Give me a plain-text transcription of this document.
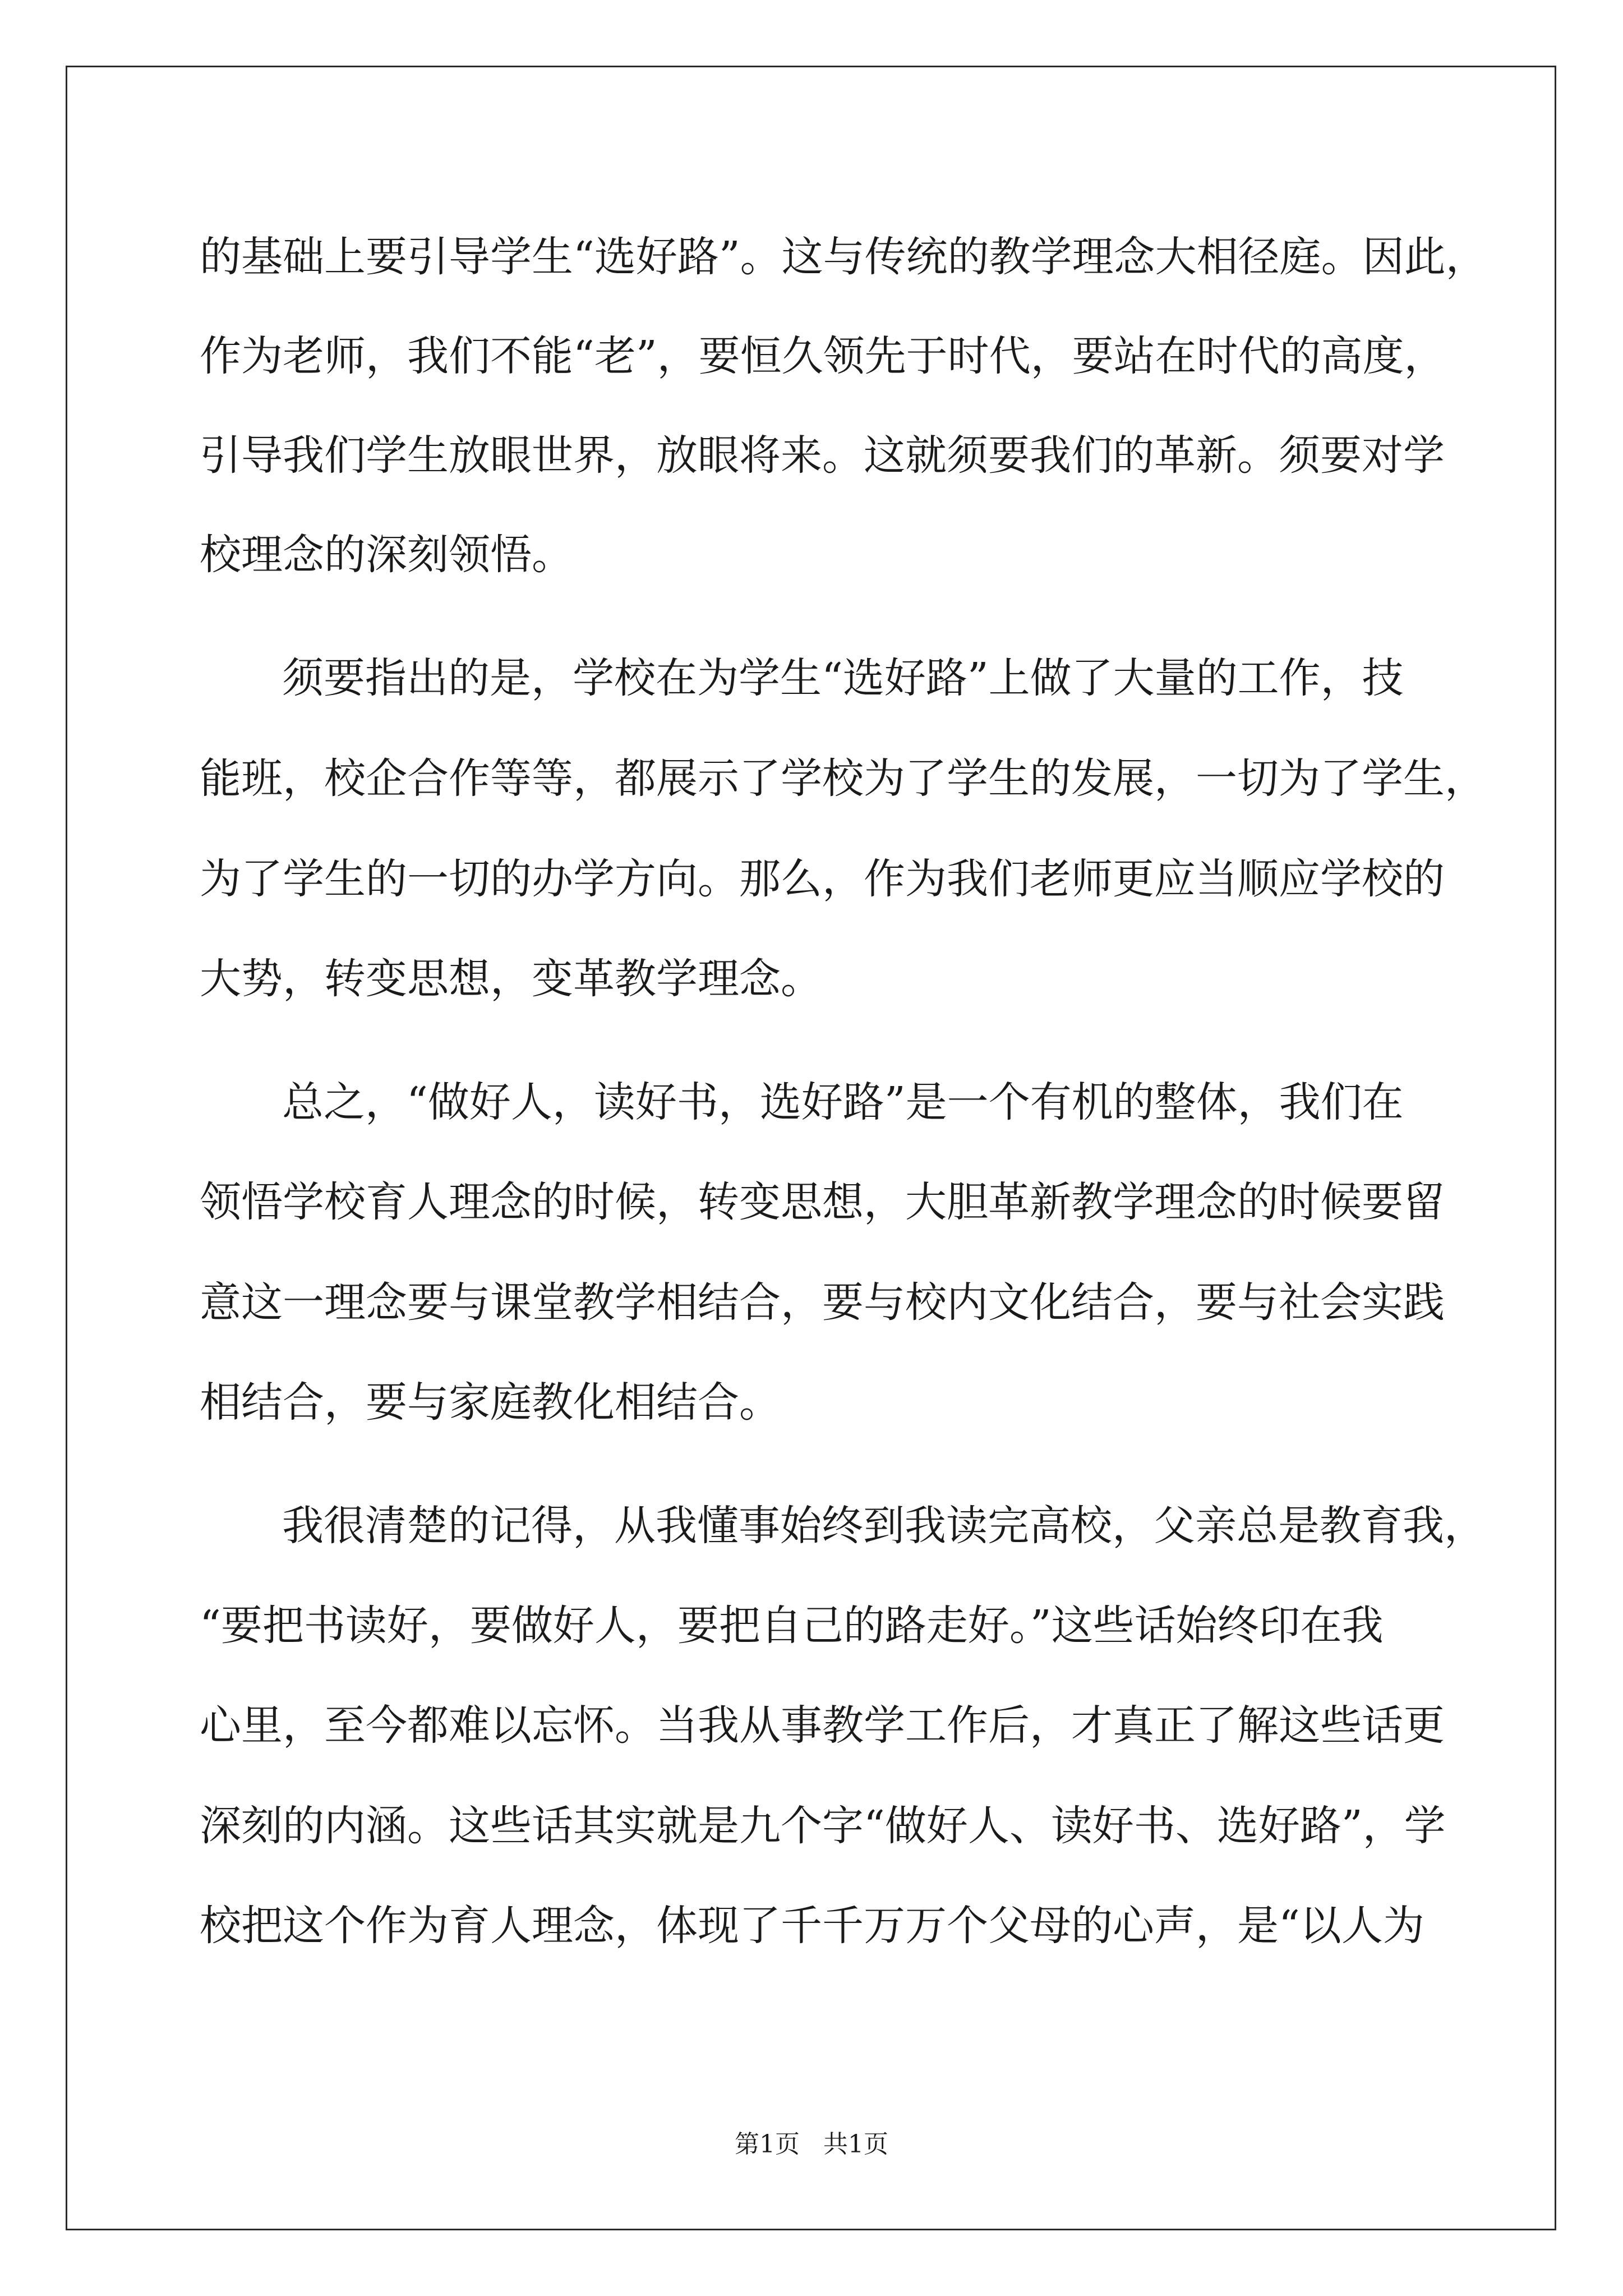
的基础上要引导学生“选好路”。这与传统的教学理念大相径庭。因此，
作为老师，我们不能“老”，要恒久领先于时代，要站在时代的高度，
引导我们学生放眼世界，放眼将来。这就须要我们的革新。须要对学
校理念的深刻领悟。
须要指出的是，学校在为学生“选好路”上做了大量的工作，技
能班，校企合作等等，都展示了学校为了学生的发展，一切为了学生，
为了学生的一切的办学方向。那么，作为我们老师更应当顺应学校的
大势，转变思想，变革教学理念。
总之，“做好人，读好书，选好路”是一个有机的整体，我们在
领悟学校育人理念的时候，转变思想，大胆革新教学理念的时候要留
意这一理念要与课堂教学相结合，要与校内文化结合，要与社会实践
相结合，要与家庭教化相结合。
我很清楚的记得，从我懂事始终到我读完高校，父亲总是教育我，
“要把书读好，要做好人，要把自己的路走好。”这些话始终印在我
心里，至今都难以忘怀。当我从事教学工作后，才真正了解这些话更
深刻的内涵。这些话其实就是九个字“做好人、读好书、选好路”，学
校把这个作为育人理念，体现了千千万万个父母的心声，是“以人为
第1页   共1页
